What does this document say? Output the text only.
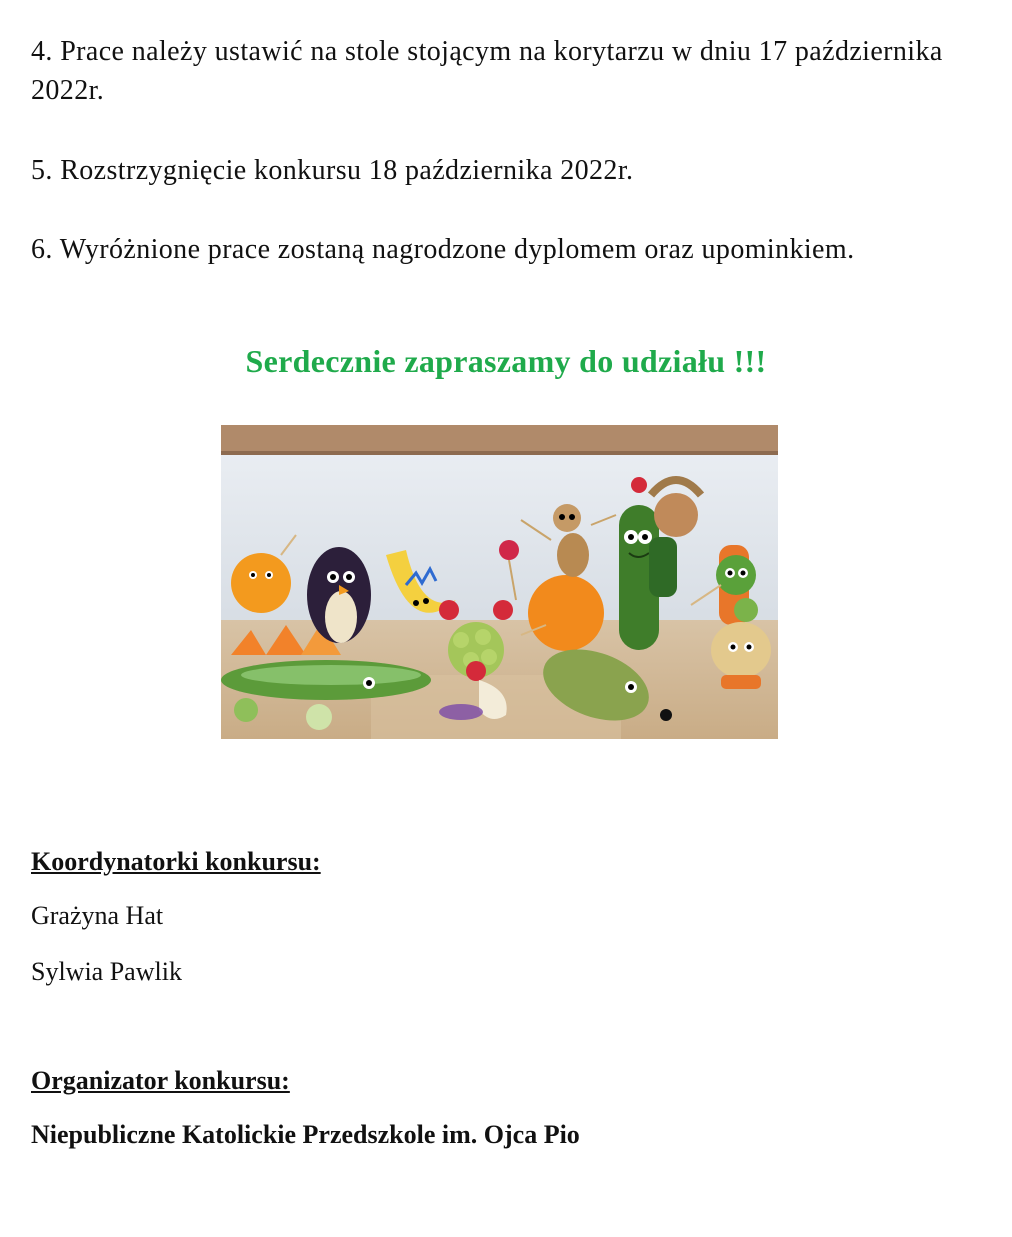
4. Prace należy ustawić na stole stojącym na korytarzu w dniu 17 października 2022r.

5. Rozstrzygnięcie konkursu 18 października 2022r.

6. Wyróżnione prace zostaną nagrodzone dyplomem oraz upominkiem.

Serdecznie zapraszamy do udziału !!!

Koordynatorki konkursu:

Grażyna Hat

Sylwia Pawlik

Organizator konkursu:

Niepubliczne Katolickie Przedszkole im. Ojca Pio
